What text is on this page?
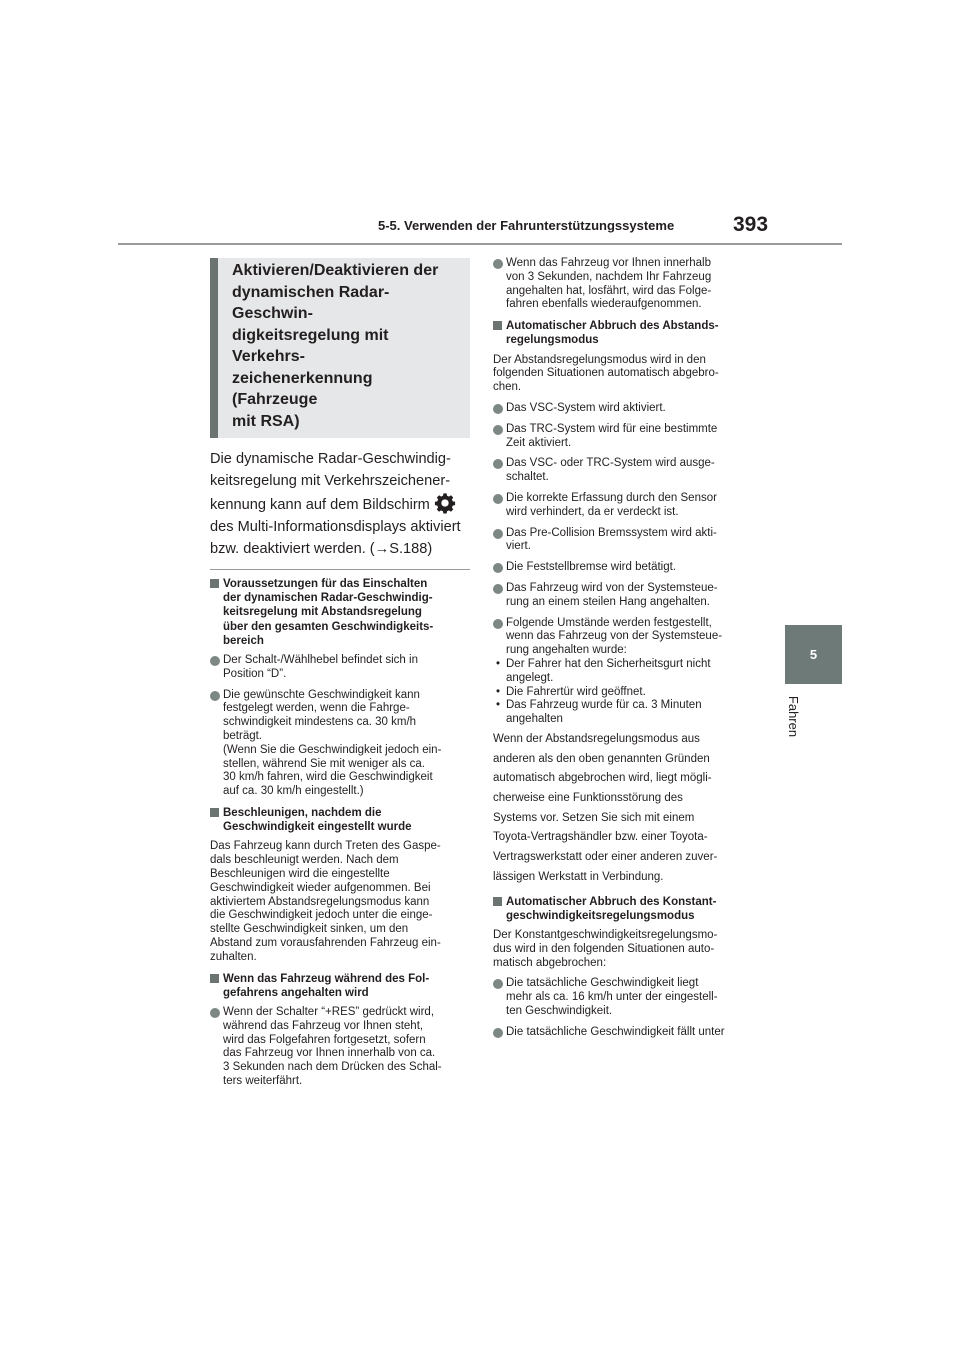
5-5. Verwenden der Fahrunterstützungssysteme	393
5
Fahren
Aktivieren/Deaktivieren der
dynamischen Radar-Geschwin-
digkeitsregelung mit Verkehrs-
zeichenerkennung (Fahrzeuge
mit RSA)
Die dynamische Radar-Geschwindig-
keitsregelung mit Verkehrszeichener-
kennung kann auf dem Bildschirm
des Multi-Informationsdisplays aktiviert
bzw. deaktiviert werden. (→S.188)
Voraussetzungen für das Einschalten
der dynamischen Radar-Geschwindig-
keitsregelung mit Abstandsregelung
über den gesamten Geschwindigkeits-
bereich
Der Schalt-/Wählhebel befindet sich in
Position “D”.
Die gewünschte Geschwindigkeit kann
festgelegt werden, wenn die Fahrge-
schwindigkeit mindestens ca. 30 km/h
beträgt.
(Wenn Sie die Geschwindigkeit jedoch ein-
stellen, während Sie mit weniger als ca.
30 km/h fahren, wird die Geschwindigkeit
auf ca. 30 km/h eingestellt.)
Beschleunigen, nachdem die
Geschwindigkeit eingestellt wurde
Das Fahrzeug kann durch Treten des Gaspe-
dals beschleunigt werden. Nach dem
Beschleunigen wird die eingestellte
Geschwindigkeit wieder aufgenommen. Bei
aktiviertem Abstandsregelungsmodus kann
die Geschwindigkeit jedoch unter die einge-
stellte Geschwindigkeit sinken, um den
Abstand zum vorausfahrenden Fahrzeug ein-
zuhalten.
Wenn das Fahrzeug während des Fol-
gefahrens angehalten wird
Wenn der Schalter “+RES” gedrückt wird,
während das Fahrzeug vor Ihnen steht,
wird das Folgefahren fortgesetzt, sofern
das Fahrzeug vor Ihnen innerhalb von ca.
3 Sekunden nach dem Drücken des Schal-
ters weiterfährt.
Wenn das Fahrzeug vor Ihnen innerhalb
von 3 Sekunden, nachdem Ihr Fahrzeug
angehalten hat, losfährt, wird das Folge-
fahren ebenfalls wiederaufgenommen.
Automatischer Abbruch des Abstands-
regelungsmodus
Der Abstandsregelungsmodus wird in den
folgenden Situationen automatisch abgebro-
chen.
Das VSC-System wird aktiviert.
Das TRC-System wird für eine bestimmte
Zeit aktiviert.
Das VSC- oder TRC-System wird ausge-
schaltet.
Die korrekte Erfassung durch den Sensor
wird verhindert, da er verdeckt ist.
Das Pre-Collision Bremssystem wird akti-
viert.
Die Feststellbremse wird betätigt.
Das Fahrzeug wird von der Systemsteue-
rung an einem steilen Hang angehalten.
Folgende Umstände werden festgestellt,
wenn das Fahrzeug von der Systemsteue-
rung angehalten wurde:
• Der Fahrer hat den Sicherheitsgurt nicht
angelegt.
• Die Fahrertür wird geöffnet.
• Das Fahrzeug wurde für ca. 3 Minuten
angehalten
Wenn der Abstandsregelungsmodus aus
anderen als den oben genannten Gründen
automatisch abgebrochen wird, liegt mögli-
cherweise eine Funktionsstörung des
Systems vor. Setzen Sie sich mit einem
Toyota-Vertragshändler bzw. einer Toyota-
Vertragswerkstatt oder einer anderen zuver-
lässigen Werkstatt in Verbindung.
Automatischer Abbruch des Konstant-
geschwindigkeitsregelungsmodus
Der Konstantgeschwindigkeitsregelungsmo-
dus wird in den folgenden Situationen auto-
matisch abgebrochen:
Die tatsächliche Geschwindigkeit liegt
mehr als ca. 16 km/h unter der eingestell-
ten Geschwindigkeit.
Die tatsächliche Geschwindigkeit fällt unter
